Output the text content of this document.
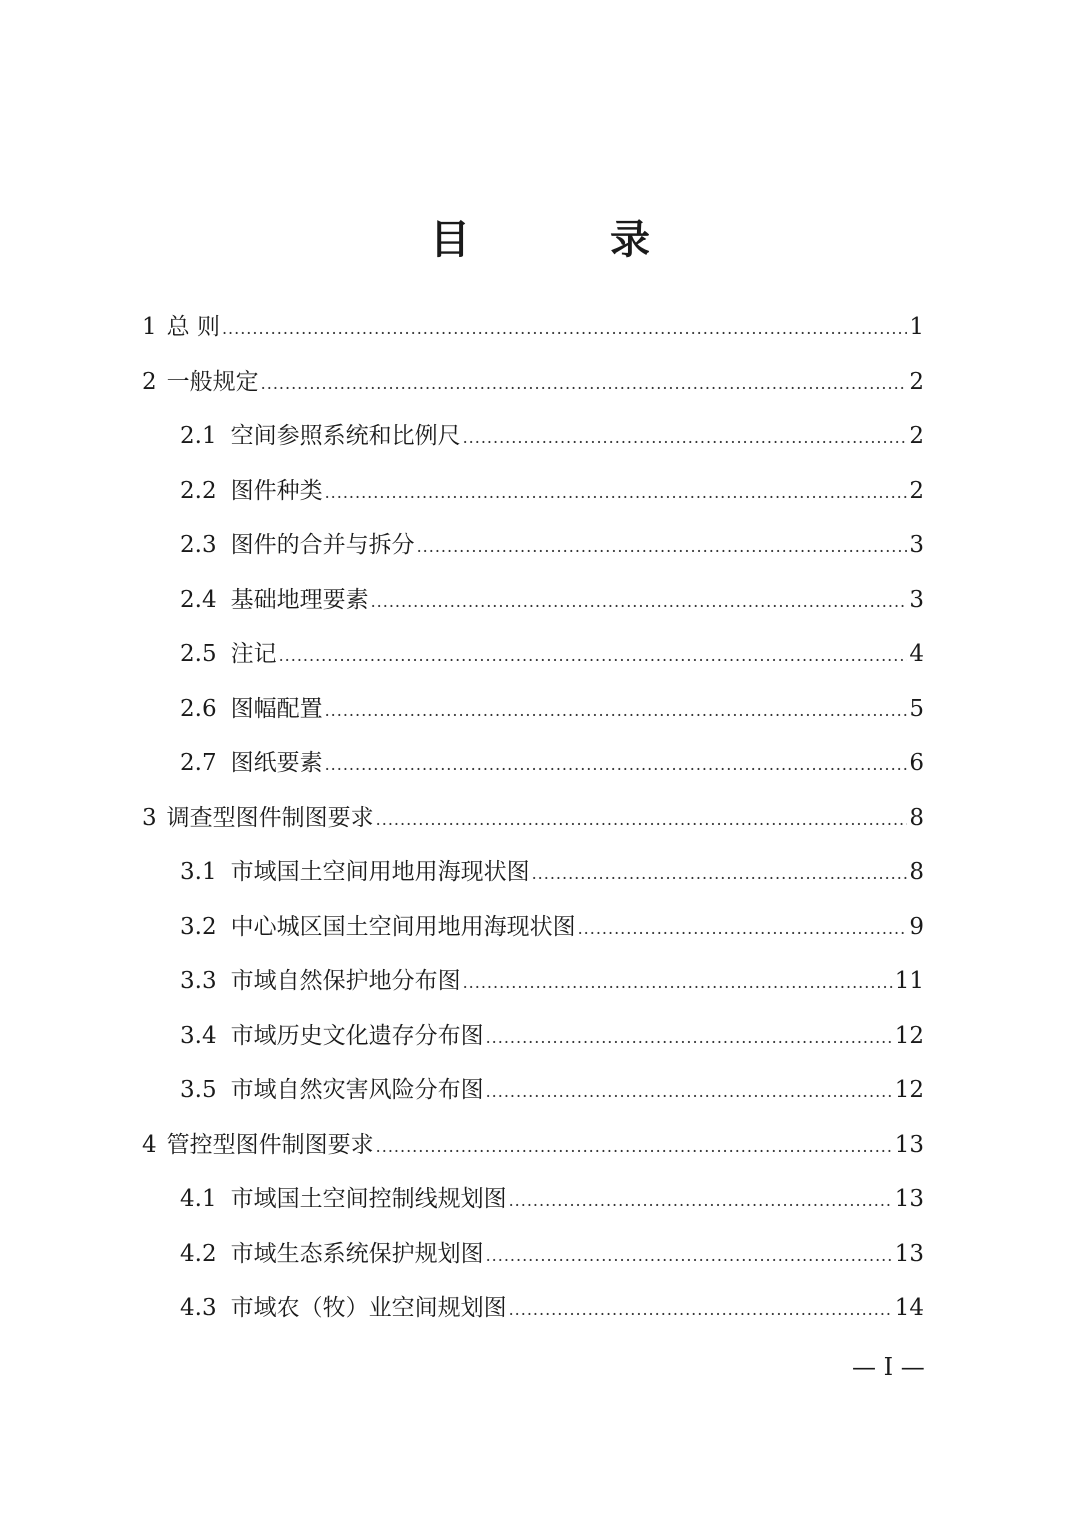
目　录
1 总 则 .....	1
2 一般规定 .....	2
2.1 空间参照系统和比例尺 .....	2
2.2 图件种类 .....	2
2.3 图件的合并与拆分 .....	3
2.4 基础地理要素 .....	3
2.5 注记 .....	4
2.6 图幅配置 .....	5
2.7 图纸要素 .....	6
3 调查型图件制图要求 .....	8
3.1 市域国土空间用地用海现状图 .....	8
3.2 中心城区国土空间用地用海现状图 .....	9
3.3 市域自然保护地分布图 .....	11
3.4 市域历史文化遗存分布图 .....	12
3.5 市域自然灾害风险分布图 .....	12
4 管控型图件制图要求 .....	13
4.1 市域国土空间控制线规划图 .....	13
4.2 市域生态系统保护规划图 .....	13
4.3 市域农（牧）业空间规划图 .....	14
— I —
